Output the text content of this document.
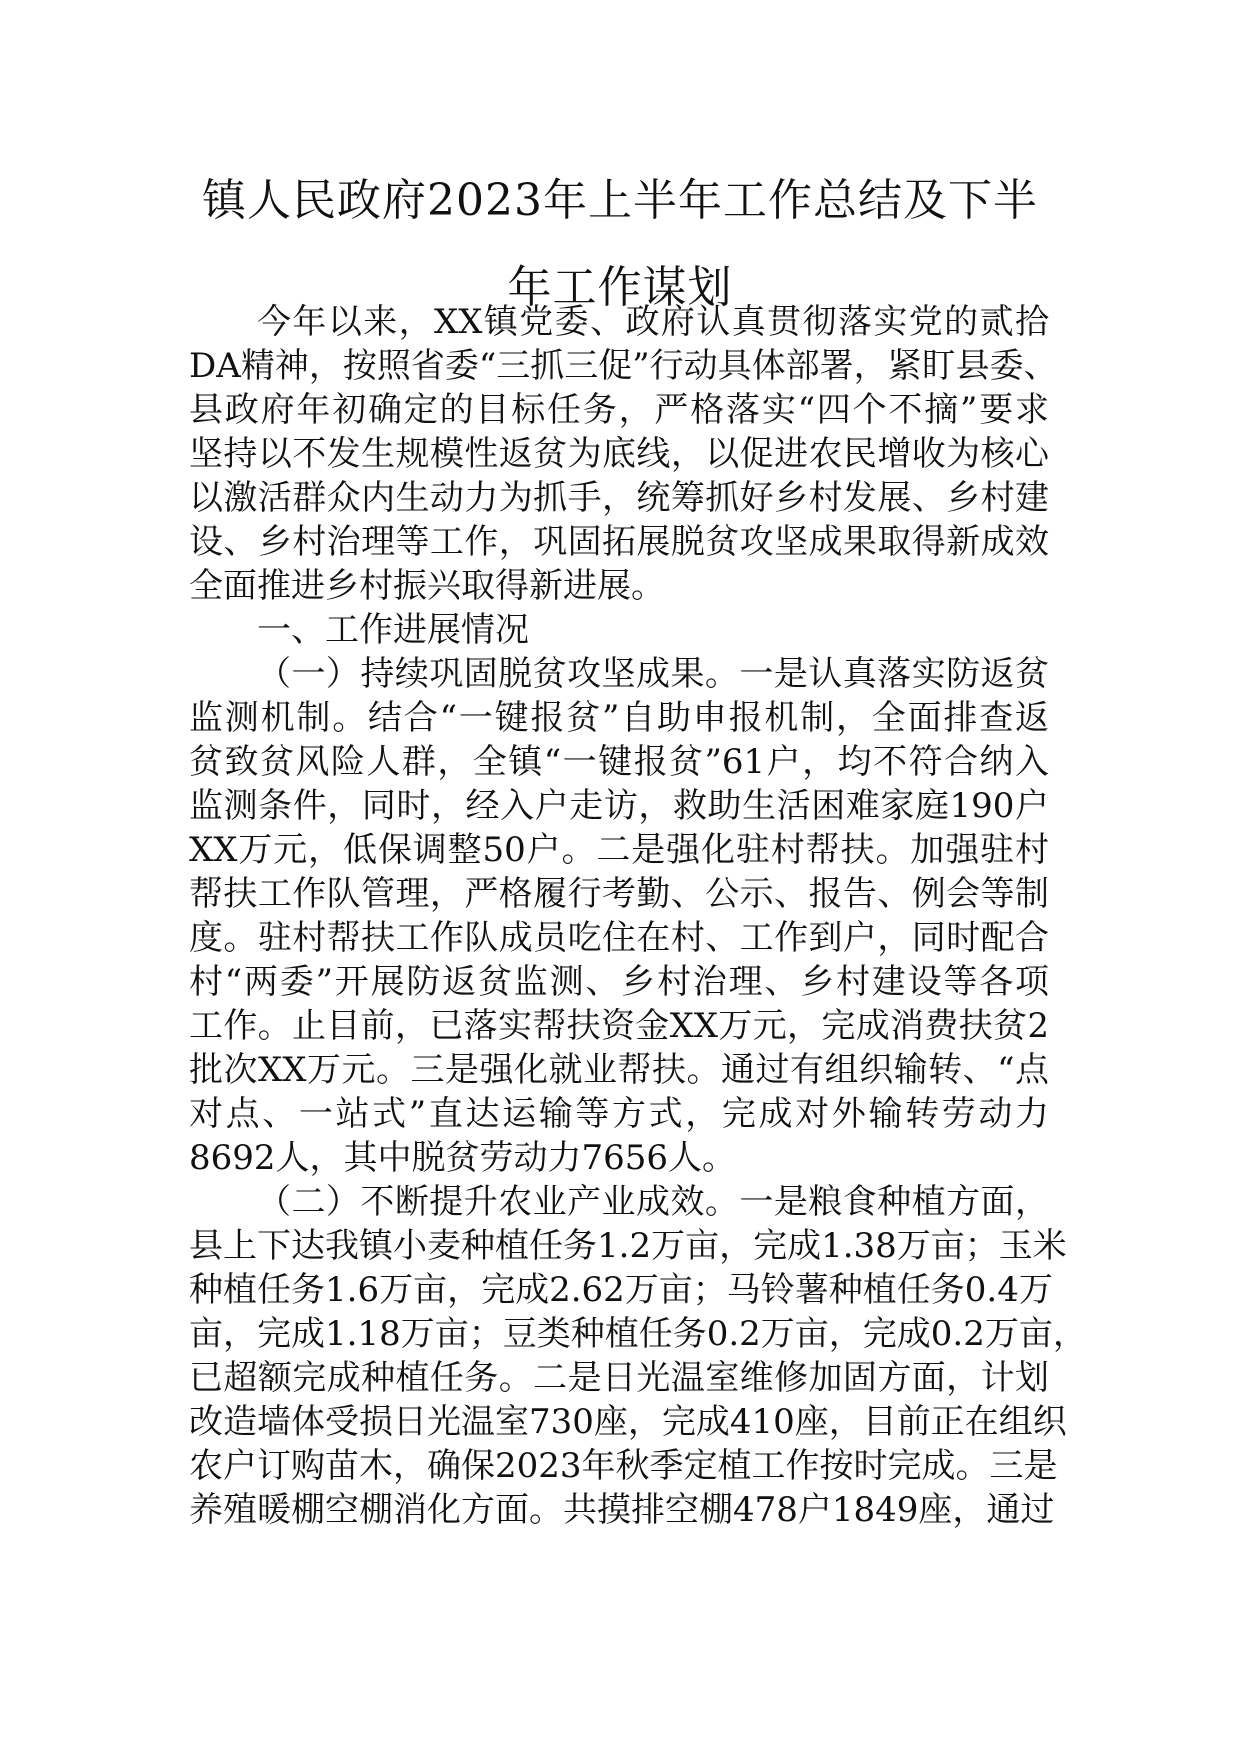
镇人民政府2023年上半年工作总结及下半
年工作谋划
今年以来，XX镇党委、政府认真贯彻落实党的贰拾
DA精神，按照省委“三抓三促”行动具体部署，紧盯县委、
县政府年初确定的目标任务，严格落实“四个不摘”要求
坚持以不发生规模性返贫为底线，以促进农民增收为核心
以激活群众内生动力为抓手，统筹抓好乡村发展、乡村建
设、乡村治理等工作，巩固拓展脱贫攻坚成果取得新成效
全面推进乡村振兴取得新进展。
一、工作进展情况
（一）持续巩固脱贫攻坚成果。一是认真落实防返贫
监测机制。结合“一键报贫”自助申报机制，全面排查返
贫致贫风险人群，全镇“一键报贫”61户，均不符合纳入
监测条件，同时，经入户走访，救助生活困难家庭190户
XX万元，低保调整50户。二是强化驻村帮扶。加强驻村
帮扶工作队管理，严格履行考勤、公示、报告、例会等制
度。驻村帮扶工作队成员吃住在村、工作到户，同时配合
村“两委”开展防返贫监测、乡村治理、乡村建设等各项
工作。止目前，已落实帮扶资金XX万元，完成消费扶贫2
批次XX万元。三是强化就业帮扶。通过有组织输转、“点
对点、一站式”直达运输等方式，完成对外输转劳动力
8692人，其中脱贫劳动力7656人。
（二）不断提升农业产业成效。一是粮食种植方面，
县上下达我镇小麦种植任务1.2万亩，完成1.38万亩；玉米
种植任务1.6万亩，完成2.62万亩；马铃薯种植任务0.4万
亩，完成1.18万亩；豆类种植任务0.2万亩，完成0.2万亩，
已超额完成种植任务。二是日光温室维修加固方面，计划
改造墙体受损日光温室730座，完成410座，目前正在组织
农户订购苗木，确保2023年秋季定植工作按时完成。三是
养殖暖棚空棚消化方面。共摸排空棚478户1849座，通过
